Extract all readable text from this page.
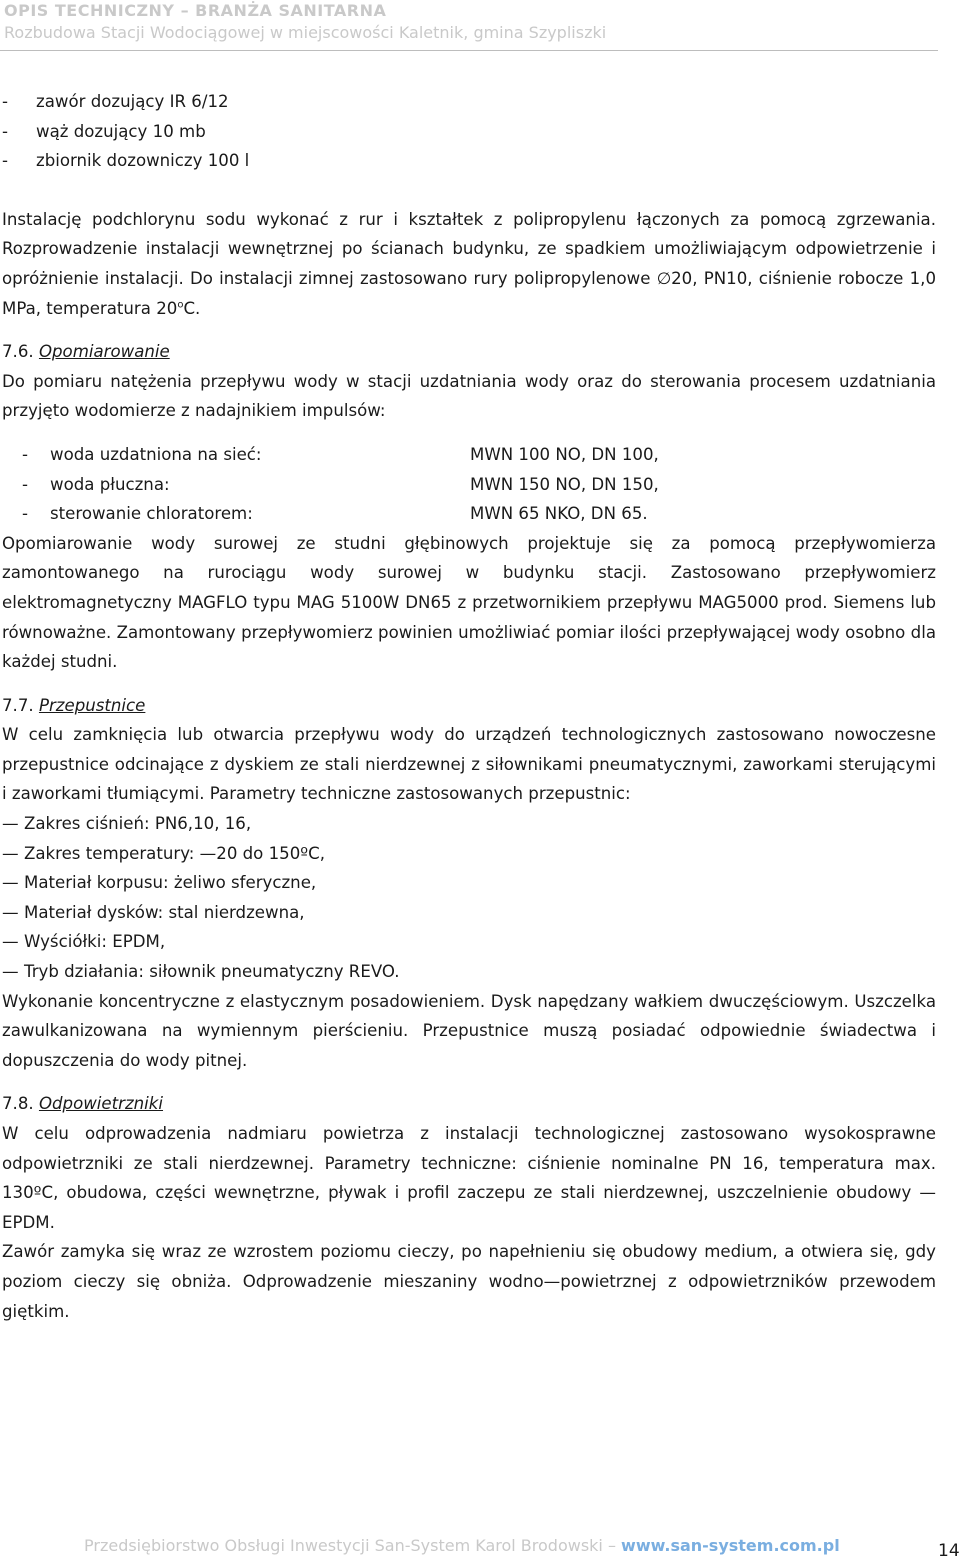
OPIS TECHNICZNY – BRANŻA SANITARNA
Rozbudowa Stacji Wodociągowej w miejscowości Kaletnik, gmina Szypliszki
-	zawór dozujący IR 6/12
-	wąż dozujący 10 mb
-	zbiornik dozowniczy 100 l

Instalację podchlorynu sodu wykonać z rur i kształtek z polipropylenu łączonych za pomocą zgrzewania. Rozprowadzenie instalacji wewnętrznej po ścianach budynku, ze spadkiem umożliwiającym odpowietrzenie i opróżnienie instalacji. Do instalacji zimnej zastosowano rury polipropylenowe ∅20, PN10, ciśnienie robocze 1,0 MPa, temperatura 20$^o$C.

7.6. Opomiarowanie

Do pomiaru natężenia przepływu wody w stacji uzdatniania wody oraz do sterowania procesem uzdatniania przyjęto wodomierze z nadajnikiem impulsów:

-	woda uzdatniona na sieć:	MWN 100 NO, DN 100,
-	woda płuczna:	MWN 150 NO, DN 150,
-	sterowanie chloratorem:	MWN 65 NKO, DN 65.

Opomiarowanie wody surowej ze studni głębinowych projektuje się za pomocą przepływomierza zamontowanego na rurociągu wody surowej w budynku stacji. Zastosowano przepływomierz elektromagnetyczny MAGFLO typu MAG 5100W DN65 z przetwornikiem przepływu MAG5000 prod. Siemens lub równoważne. Zamontowany przepływomierz powinien umożliwiać pomiar ilości przepływającej wody osobno dla każdej studni.

7.7. Przepustnice

W celu zamknięcia lub otwarcia przepływu wody do urządzeń technologicznych zastosowano nowoczesne przepustnice odcinające z dyskiem ze stali nierdzewnej z siłownikami pneumatycznymi, zaworkami sterującymi i zaworkami tłumiącymi. Parametry techniczne zastosowanych przepustnic:

— Zakres ciśnień: PN6,10, 16,
— Zakres temperatury: —20 do 150ºC,
— Materiał korpusu: żeliwo sferyczne,
— Materiał dysków: stal nierdzewna,
— Wyściółki: EPDM,
— Tryb działania: siłownik pneumatyczny REVO.

Wykonanie koncentryczne z elastycznym posadowieniem. Dysk napędzany wałkiem dwuczęściowym. Uszczelka zawulkanizowana na wymiennym pierścieniu. Przepustnice muszą posiadać odpowiednie świadectwa i dopuszczenia do wody pitnej.

7.8. Odpowietrzniki

W celu odprowadzenia nadmiaru powietrza z instalacji technologicznej zastosowano wysokosprawne odpowietrzniki ze stali nierdzewnej. Parametry techniczne: ciśnienie nominalne PN 16, temperatura max. 130ºC, obudowa, części wewnętrzne, pływak i profil zaczepu ze stali nierdzewnej, uszczelnienie obudowy — EPDM.

Zawór zamyka się wraz ze wzrostem poziomu cieczy, po napełnieniu się obudowy medium, a otwiera się, gdy poziom cieczy się obniża. Odprowadzenie mieszaniny wodno—powietrznej z odpowietrzników przewodem giętkim.

Przedsiębiorstwo Obsługi Inwestycji San-System Karol Brodowski – www.san-system.com.pl	14
